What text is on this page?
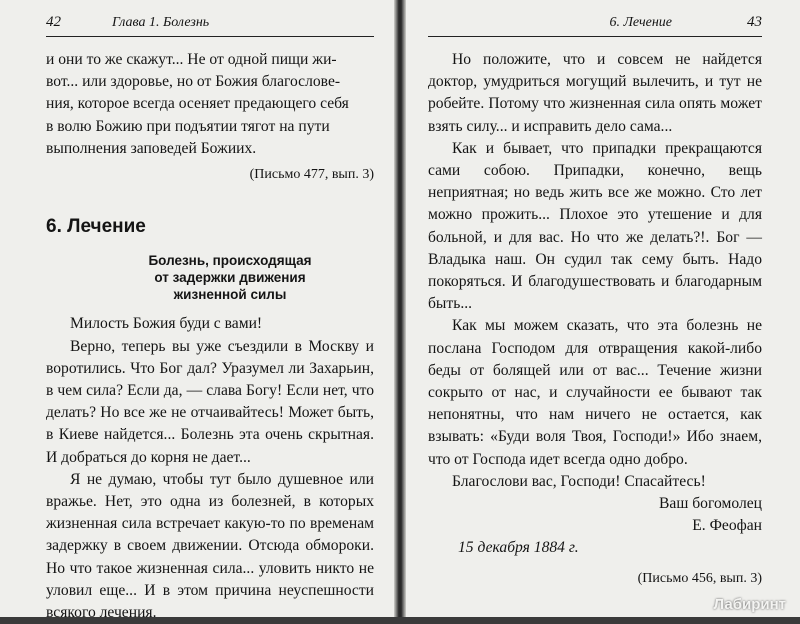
42	Глава 1. Болезнь
и они то же скажут... Не от одной пищи жи-
вот... или здоровье, но от Божия благослове-
ния, которое всегда осеняет предающего себя
в волю Божию при подъятии тягот на пути
выполнения заповедей Божиих.
(Письмо 477, вып. 3)
6. Лечение
Болезнь, происходящая
от задержки движения
жизненной силы

Милость Божия буди с вами!

Верно, теперь вы уже съездили в Москву и воротились. Что Бог дал? Уразумел ли Захарьин, в чем сила? Если да, — слава Богу! Если нет, что делать? Но все же не отчаивайтесь! Может быть, в Киеве найдется... Болезнь эта очень скрытная. И добраться до корня не дает...

Я не думаю, чтобы тут было душевное или вражье. Нет, это одна из болезней, в которых жизненная сила встречает какую-то по временам задержку в своем движении. Отсюда обмороки. Но что такое жизненная сила... уловить никто не уловил еще... И в этом причина неуспешности всякого лечения.

6. Лечение	43

Но положите, что и совсем не найдется доктор, умудриться могущий вылечить, и тут не робейте. Потому что жизненная сила опять может взять силу... и исправить дело сама...

Как и бывает, что припадки прекращаются сами собою. Припадки, конечно, вещь неприятная; но ведь жить все же можно. Сто лет можно прожить... Плохое это утешение и для больной, и для вас. Но что же делать?!. Бог — Владыка наш. Он судил так сему быть. Надо покоряться. И благодушествовать и благодарным быть...

Как мы можем сказать, что эта болезнь не послана Господом для отвращения какой-либо беды от болящей или от вас... Течение жизни сокрыто от нас, и случайности ее бывают так непонятны, что нам ничего не остается, как взывать: «Буди воля Твоя, Господи!» Ибо знаем, что от Господа идет всегда одно добро.

Благослови вас, Господи! Спасайтесь!

Ваш богомолец
Е. Феофан
15 декабря 1884 г.
(Письмо 456, вып. 3)
Лабиринт
